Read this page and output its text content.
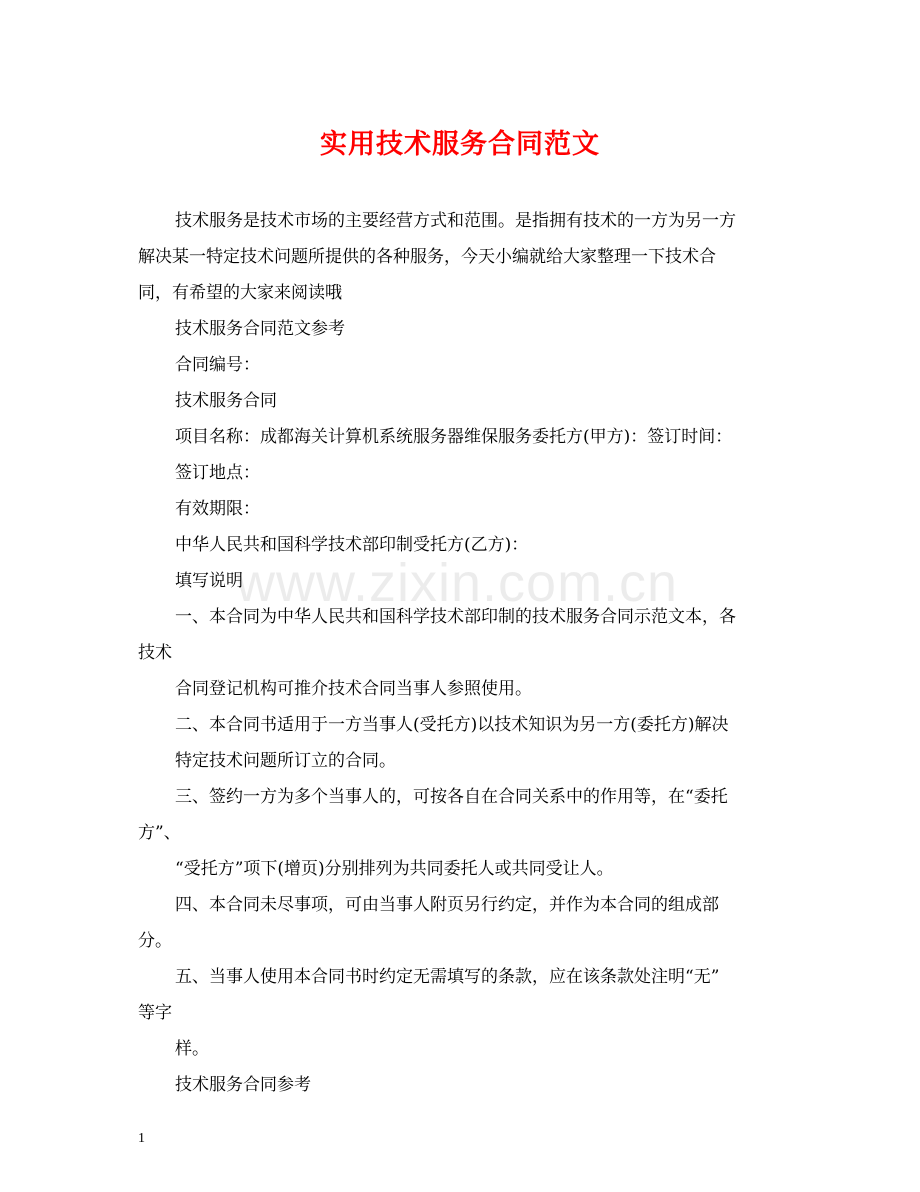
www.zixin.com.cn
实用技术服务合同范文
技术服务是技术市场的主要经营方式和范围。是指拥有技术的一方为另一方
解决某一特定技术问题所提供的各种服务，今天小编就给大家整理一下技术合
同，有希望的大家来阅读哦
技术服务合同范文参考
合同编号：
技术服务合同
项目名称：成都海关计算机系统服务器维保服务委托方(甲方)：签订时间：
签订地点：
有效期限：
中华人民共和国科学技术部印制受托方(乙方)：
填写说明
一、本合同为中华人民共和国科学技术部印制的技术服务合同示范文本，各
技术
合同登记机构可推介技术合同当事人参照使用。
二、本合同书适用于一方当事人(受托方)以技术知识为另一方(委托方)解决
特定技术问题所订立的合同。
三、签约一方为多个当事人的，可按各自在合同关系中的作用等，在“委托
方”、
“受托方”项下(增页)分别排列为共同委托人或共同受让人。
四、本合同未尽事项，可由当事人附页另行约定，并作为本合同的组成部
分。
五、当事人使用本合同书时约定无需填写的条款，应在该条款处注明“无”
等字
样。
技术服务合同参考
1
